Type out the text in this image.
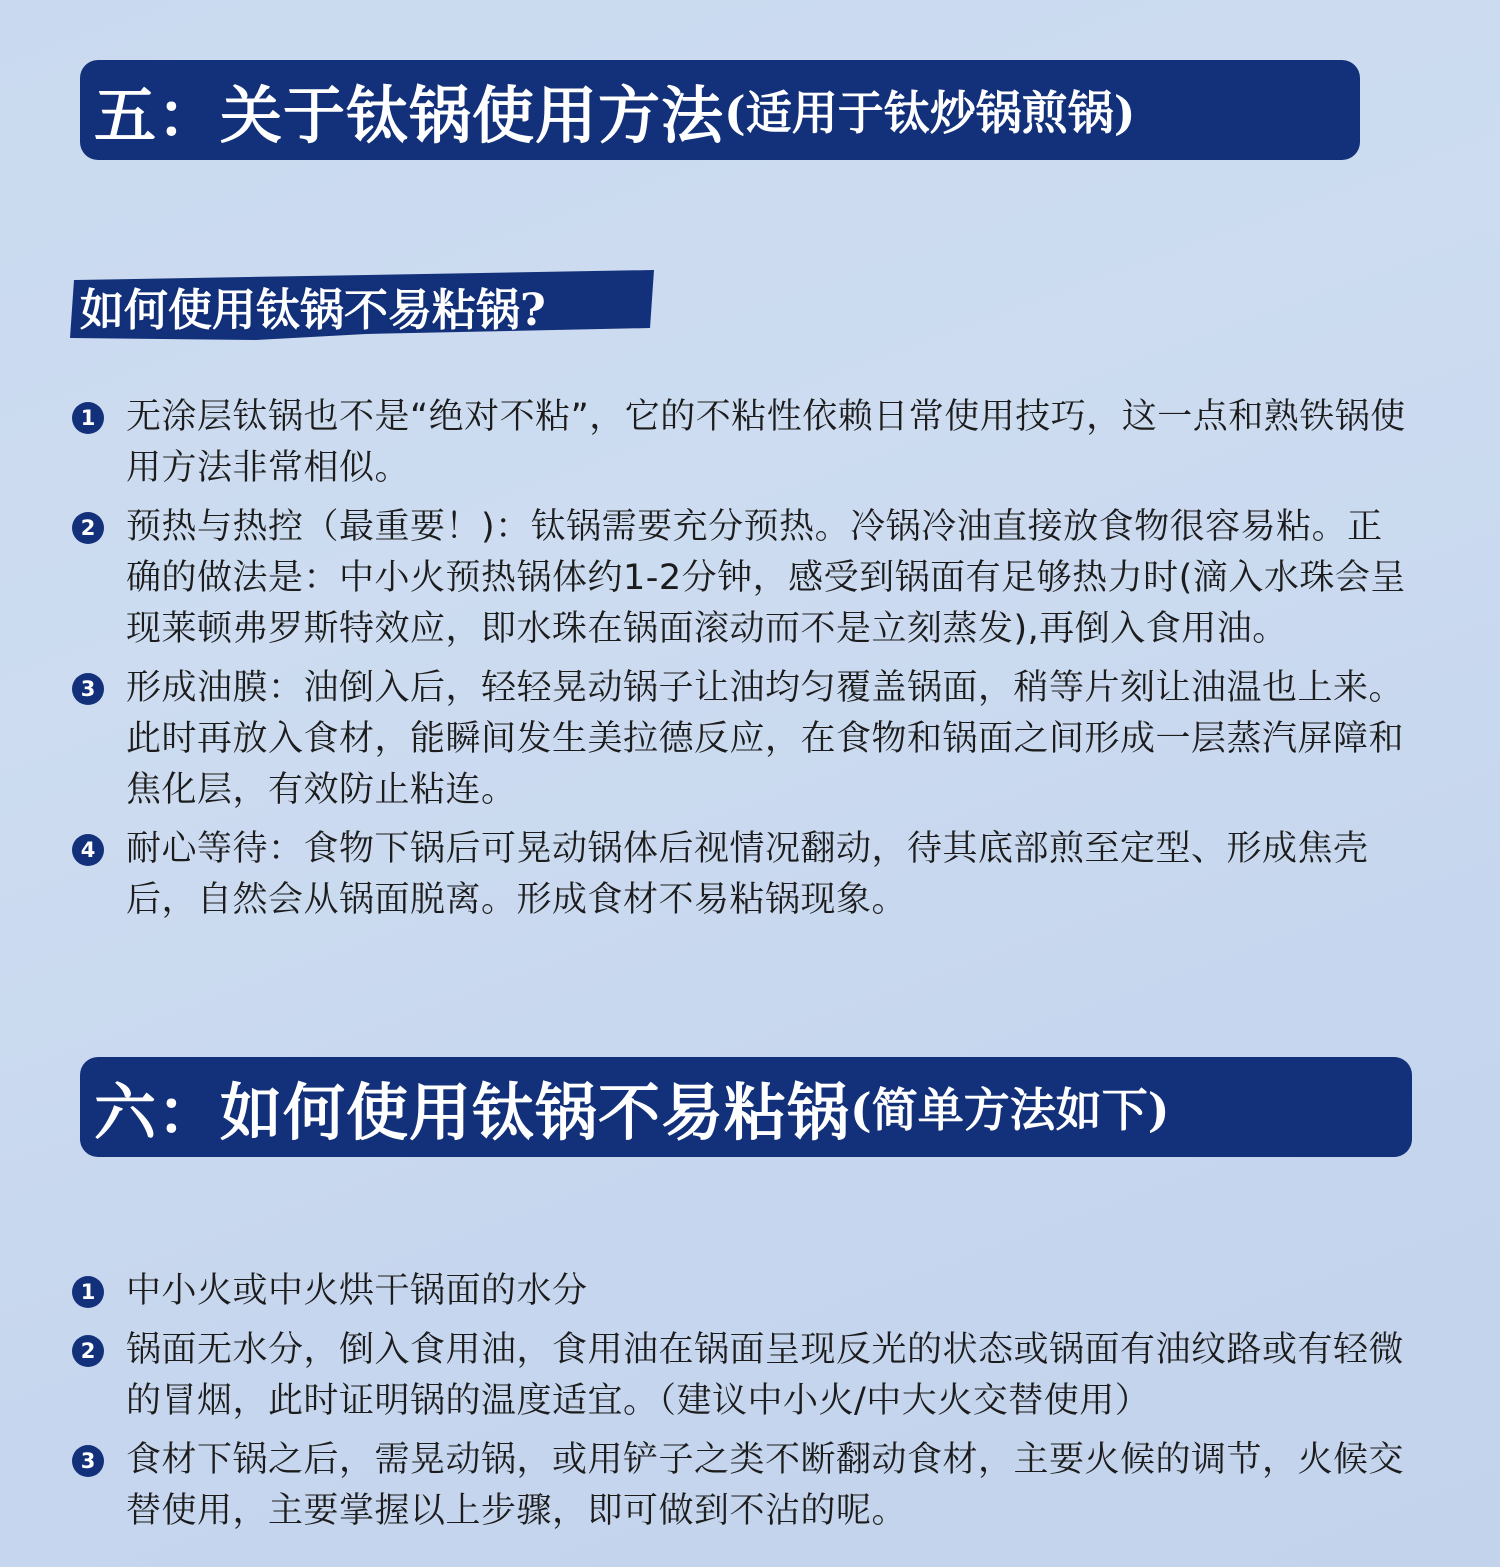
五：关于钛锅使用方法 (适用于钛炒锅煎锅)
如何使用钛锅不易粘锅?
1 无涂层钛锅也不是“绝对不粘”，它的不粘性依赖日常使用技巧，这一点和熟铁锅使用方法非常相似。
2 预热与热控（最重要！)：钛锅需要充分预热。冷锅冷油直接放食物很容易粘。正确的做法是：中小火预热锅体约1-2分钟，感受到锅面有足够热力时(滴入水珠会呈现莱顿弗罗斯特效应，即水珠在锅面滚动而不是立刻蒸发),再倒入食用油。
3 形成油膜：油倒入后，轻轻晃动锅子让油均匀覆盖锅面，稍等片刻让油温也上来。此时再放入食材，能瞬间发生美拉德反应，在食物和锅面之间形成一层蒸汽屏障和焦化层，有效防止粘连。
4 耐心等待：食物下锅后可晃动锅体后视情况翻动，待其底部煎至定型、形成焦壳后，自然会从锅面脱离。形成食材不易粘锅现象。
六：如何使用钛锅不易粘锅 (简单方法如下)
1 中小火或中火烘干锅面的水分
2 锅面无水分，倒入食用油，食用油在锅面呈现反光的状态或锅面有油纹路或有轻微的冒烟，此时证明锅的温度适宜。（建议中小火/中大火交替使用）
3 食材下锅之后，需晃动锅，或用铲子之类不断翻动食材，主要火候的调节，火候交替使用，主要掌握以上步骤，即可做到不沾的呢。
